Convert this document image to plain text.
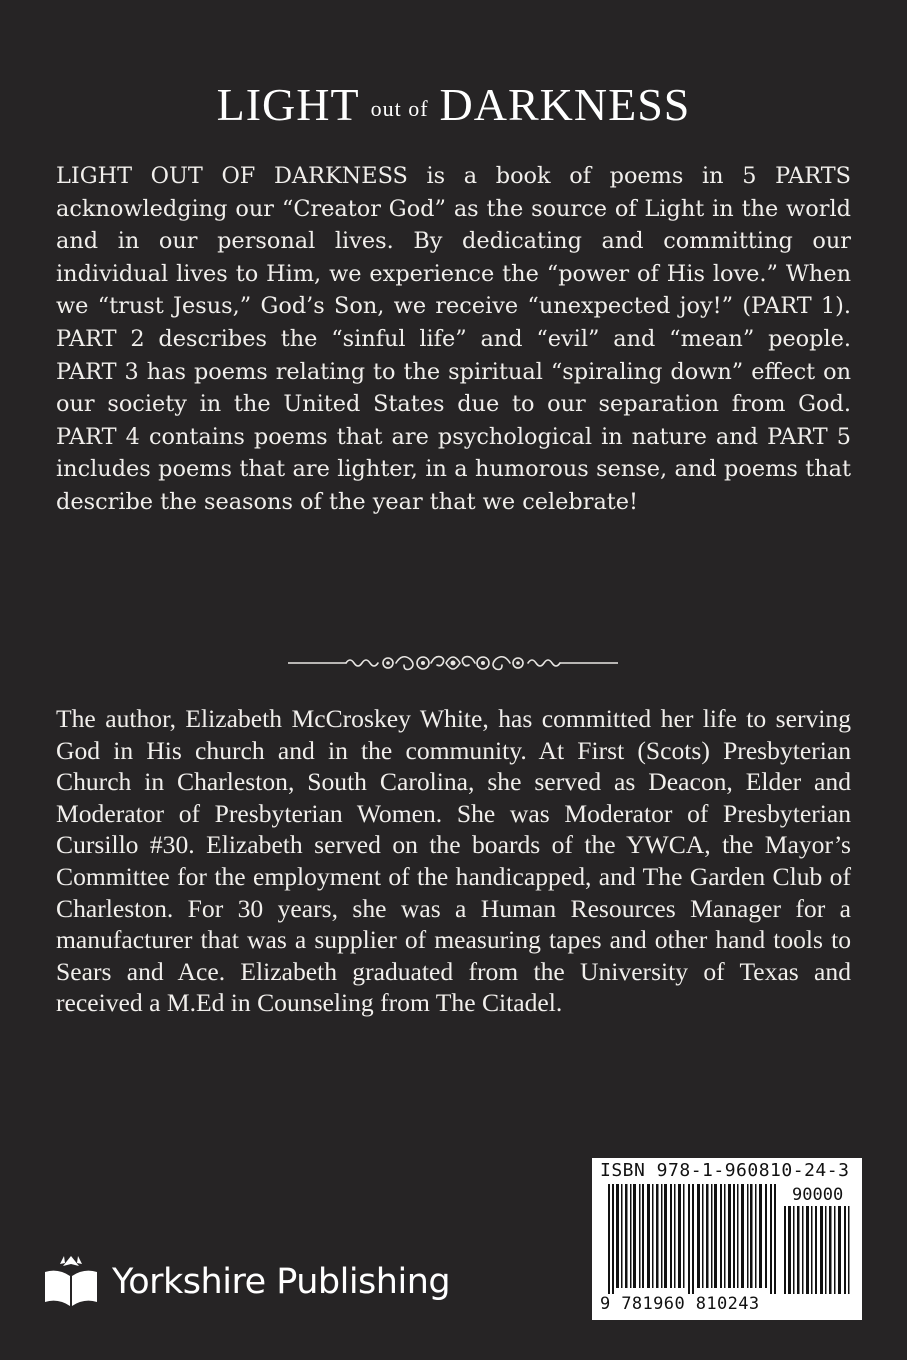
LIGHT out of DARKNESS

LIGHT OUT OF DARKNESS is a book of poems in 5 PARTS acknowledging our “Creator God” as the source of Light in the world and in our personal lives. By dedicating and committing our individual lives to Him, we experience the “power of His love.” When we “trust Jesus,” God’s Son, we receive “unexpected joy!” (PART 1). PART 2 describes the “sinful life” and “evil” and “mean” people. PART 3 has poems relating to the spiritual “spiraling down” effect on our society in the United States due to our separation from God. PART 4 contains poems that are psychological in nature and PART 5 includes poems that are lighter, in a humorous sense, and poems that describe the seasons of the year that we celebrate!

The author, Elizabeth McCroskey White, has committed her life to serving God in His church and in the community. At First (Scots) Presbyterian Church in Charleston, South Carolina, she served as Deacon, Elder and Moderator of Presbyterian Women. She was Moderator of Presbyterian Cursillo #30. Elizabeth served on the boards of the YWCA, the Mayor’s Committee for the employment of the handicapped, and The Garden Club of Charleston. For 30 years, she was a Human Resources Manager for a manufacturer that was a supplier of measuring tapes and other hand tools to Sears and Ace. Elizabeth graduated from the University of Texas and received a M.Ed in Counseling from The Citadel.

Yorkshire Publishing
ISBN 978-1-960810-24-3
90000
9 781960 810243
